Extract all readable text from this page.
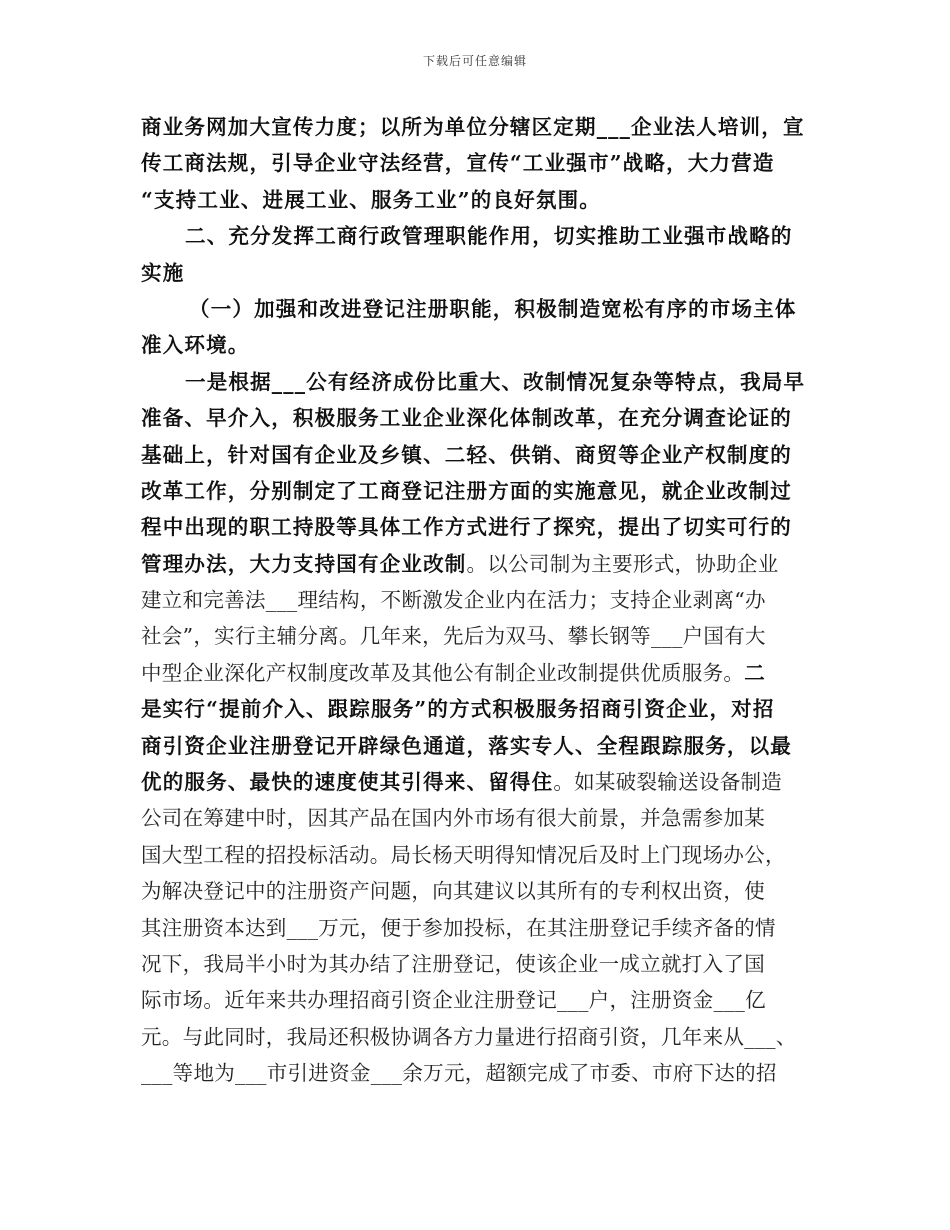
下载后可任意编辑
商业务网加大宣传力度；以所为单位分辖区定期___企业法人培训，宣
传工商法规，引导企业守法经营，宣传“工业强市”战略，大力营造
“支持工业、进展工业、服务工业”的良好氛围。
二、充分发挥工商行政管理职能作用，切实推助工业强市战略的
实施
（一）加强和改进登记注册职能，积极制造宽松有序的市场主体
准入环境。
一是根据___公有经济成份比重大、改制情况复杂等特点，我局早
准备、早介入，积极服务工业企业深化体制改革，在充分调查论证的
基础上，针对国有企业及乡镇、二轻、供销、商贸等企业产权制度的
改革工作，分别制定了工商登记注册方面的实施意见，就企业改制过
程中出现的职工持股等具体工作方式进行了探究，提出了切实可行的
管理办法，大力支持国有企业改制。以公司制为主要形式，协助企业
建立和完善法___理结构，不断激发企业内在活力；支持企业剥离“办
社会”，实行主辅分离。几年来，先后为双马、攀长钢等___户国有大
中型企业深化产权制度改革及其他公有制企业改制提供优质服务。二
是实行“提前介入、跟踪服务”的方式积极服务招商引资企业，对招
商引资企业注册登记开辟绿色通道，落实专人、全程跟踪服务，以最
优的服务、最快的速度使其引得来、留得住。如某破裂输送设备制造
公司在筹建中时，因其产品在国内外市场有很大前景，并急需参加某
国大型工程的招投标活动。局长杨天明得知情况后及时上门现场办公，
为解决登记中的注册资产问题，向其建议以其所有的专利权出资，使
其注册资本达到___万元，便于参加投标，在其注册登记手续齐备的情
况下，我局半小时为其办结了注册登记，使该企业一成立就打入了国
际市场。近年来共办理招商引资企业注册登记___户，注册资金___亿
元。与此同时，我局还积极协调各方力量进行招商引资，几年来从___、
___等地为___市引进资金___余万元，超额完成了市委、市府下达的招
